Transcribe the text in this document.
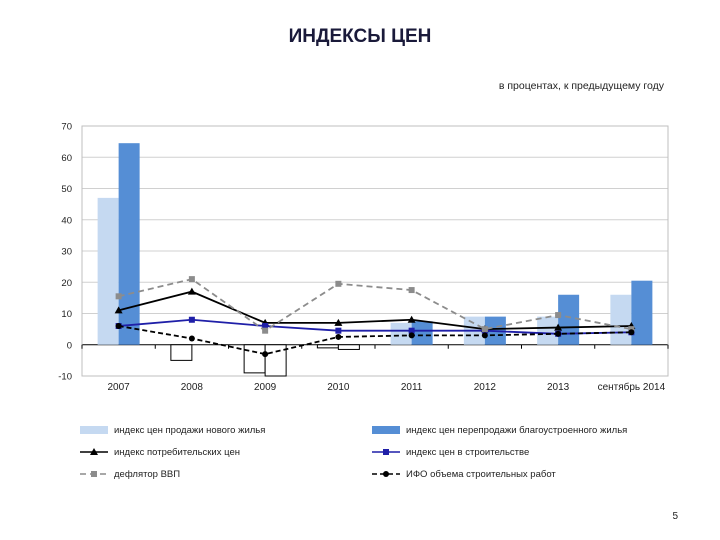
ИНДЕКСЫ ЦЕН
в процентах, к предыдущему году
-10
0
10
20
30
40
50
60
70
2007	2008	2009	2010	2011	2012	2013	сентябрь 2014
индекс цен продажи нового жилья	индекс цен перепродажи благоустроенного жилья
индекс потребительских цен	индекс цен в строительстве
дефлятор ВВП	ИФО объема строительных работ
5
